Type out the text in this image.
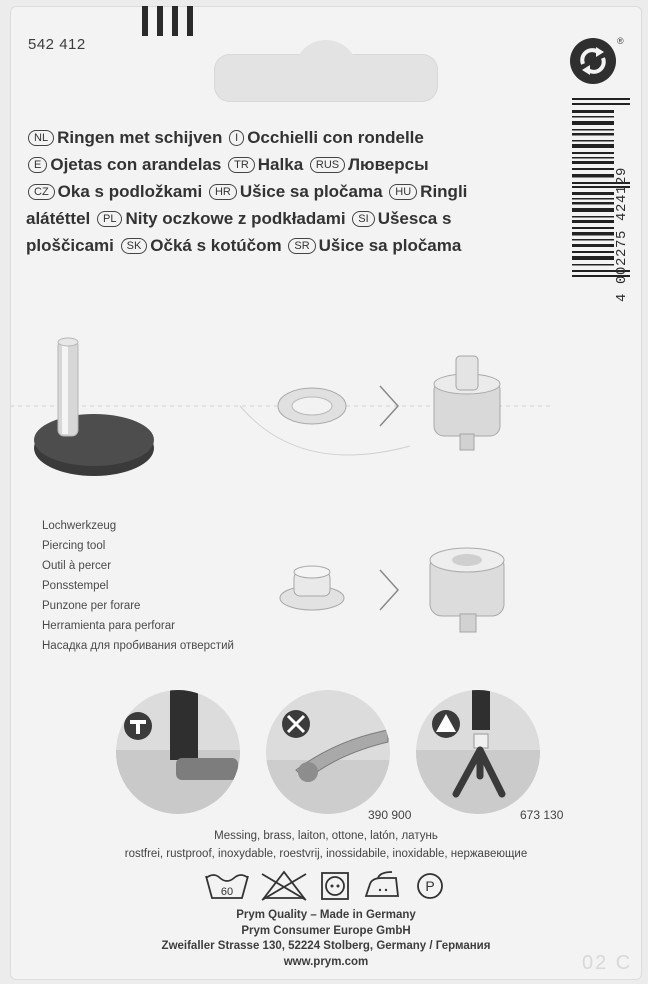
542 412	®
4 002275 424129
NL Ringen met schijven I Occhielli con rondelle
E Ojetas con arandelas TR Halka RUS Люверсы
CZ Oka s podložkami HR Ušice sa pločama HU Ringli
alátéttel PL Nity oczkowe z podkładami SI Ušesca s
ploščicami SK Očká s kotúčom SR Ušice sa pločama
Lochwerkzeug
Piercing tool
Outil à percer
Ponsstempel
Punzone per forare
Herramienta para perforar
Насадка для пробивания отверстий
390 900	673 130
Messing, brass, laiton, ottone, latón, латунь
rostfrei, rustproof, inoxydable, roestvrij, inossidabile, inoxidable, нержавеющие
60	P
Prym Quality – Made in Germany
Prym Consumer Europe GmbH
Zweifaller Strasse 130, 52224 Stolberg, Germany / Германия
www.prym.com	02 C
